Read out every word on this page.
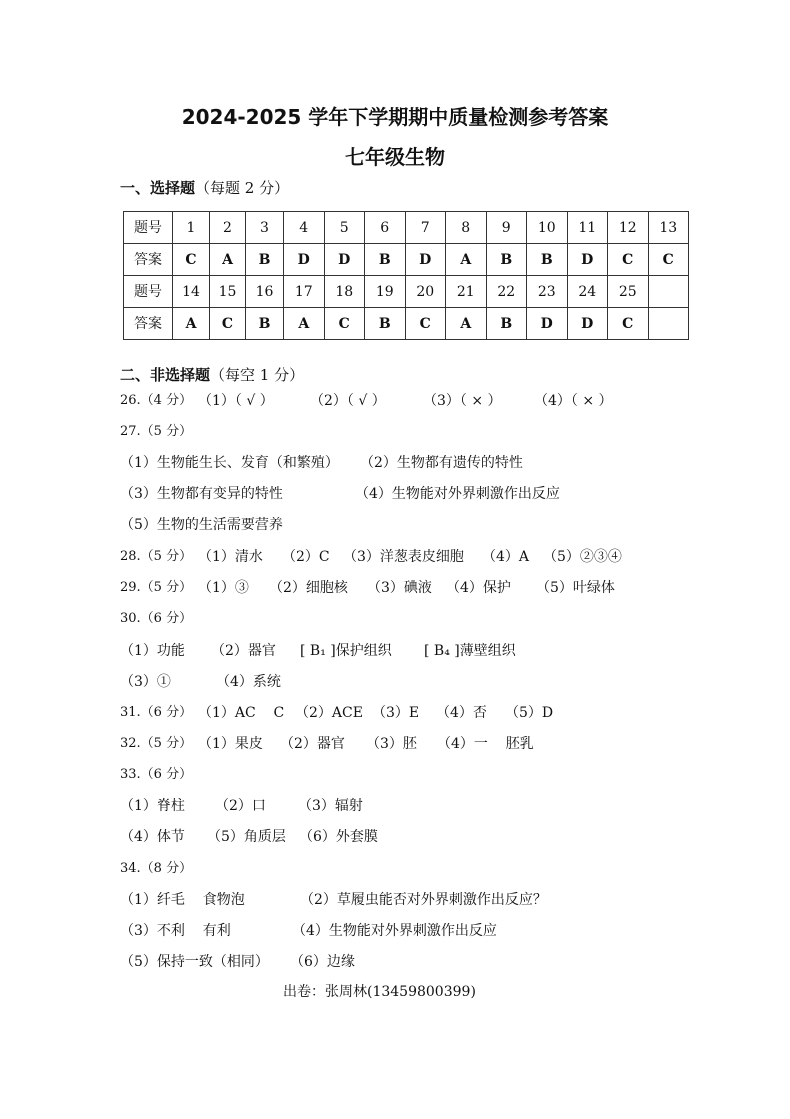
2024-2025 学年下学期期中质量检测参考答案
七年级生物
一、选择题（每题 2 分）
题号	1	2	3	4	5	6	7	8	9	10	11	12	13
答案	C	A	B	D	D	B	D	A	B	B	D	C	C
题号	14	15	16	17	18	19	20	21	22	23	24	25	
答案	A	C	B	A	C	B	C	A	B	D	D	C	
二、非选择题（每空 1 分）
26.（4 分） （1）（ √ ）	（2）（ √ ）	（3）（ × ） （4）（ × ）
27.（5 分）
（1）生物能生长、发育（和繁殖） （2）生物都有遗传的特性
（3）生物都有变异的特性	（4）生物能对外界刺激作出反应
（5）生物的生活需要营养
28.（5 分） （1）清水 （2）C （3）洋葱表皮细胞 （4）A （5）②③④
29.（5 分） （1）③ （2）细胞核 （3）碘液 （4）保护 （5）叶绿体
30.（6 分）
（1）功能 （2）器官 [ B₁ ]保护组织 [ B₄ ]薄壁组织
（3）①	（4）系统
31.（6 分） （1）AC    C （2）ACE （3）E （4）否 （5）D
32.（5 分） （1）果皮 （2）器官 （3）胚 （4）一    胚乳
33.（6 分）
（1）脊柱 （2）口 （3）辐射
（4）体节 （5）角质层 （6）外套膜
34.（8 分）
（1）纤毛    食物泡	（2）草履虫能否对外界刺激作出反应？
（3）不利    有利	（4）生物能对外界刺激作出反应
（5）保持一致（相同） （6）边缘
出卷：张周林(13459800399)
